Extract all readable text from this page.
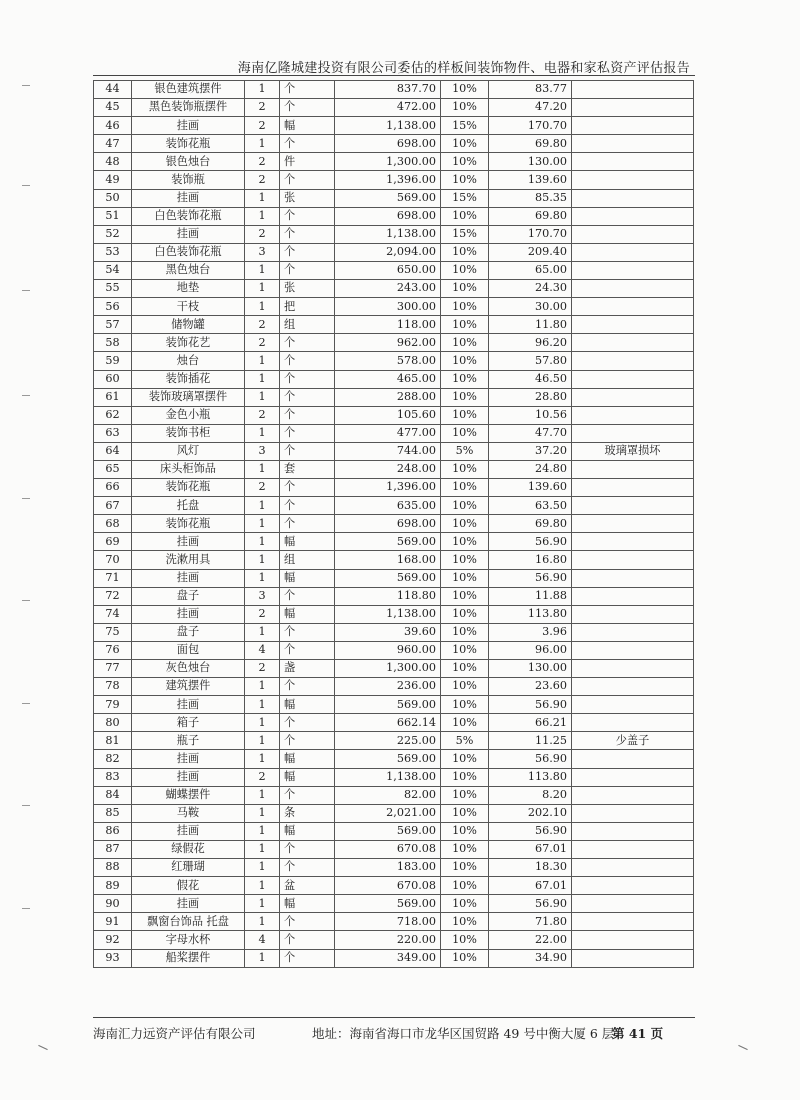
海南亿隆城建投资有限公司委估的样板间装饰物件、电器和家私资产评估报告
44	银色建筑摆件	1	个	837.70	10%	83.77	
45	黑色装饰瓶摆件	2	个	472.00	10%	47.20	
46	挂画	2	幅	1,138.00	15%	170.70	
47	装饰花瓶	1	个	698.00	10%	69.80	
48	银色烛台	2	件	1,300.00	10%	130.00	
49	装饰瓶	2	个	1,396.00	10%	139.60	
50	挂画	1	张	569.00	15%	85.35	
51	白色装饰花瓶	1	个	698.00	10%	69.80	
52	挂画	2	个	1,138.00	15%	170.70	
53	白色装饰花瓶	3	个	2,094.00	10%	209.40	
54	黑色烛台	1	个	650.00	10%	65.00	
55	地垫	1	张	243.00	10%	24.30	
56	干枝	1	把	300.00	10%	30.00	
57	储物罐	2	组	118.00	10%	11.80	
58	装饰花艺	2	个	962.00	10%	96.20	
59	烛台	1	个	578.00	10%	57.80	
60	装饰插花	1	个	465.00	10%	46.50	
61	装饰玻璃罩摆件	1	个	288.00	10%	28.80	
62	金色小瓶	2	个	105.60	10%	10.56	
63	装饰书柜	1	个	477.00	10%	47.70	
64	风灯	3	个	744.00	5%	37.20	玻璃罩损坏
65	床头柜饰品	1	套	248.00	10%	24.80	
66	装饰花瓶	2	个	1,396.00	10%	139.60	
67	托盘	1	个	635.00	10%	63.50	
68	装饰花瓶	1	个	698.00	10%	69.80	
69	挂画	1	幅	569.00	10%	56.90	
70	洗漱用具	1	组	168.00	10%	16.80	
71	挂画	1	幅	569.00	10%	56.90	
72	盘子	3	个	118.80	10%	11.88	
74	挂画	2	幅	1,138.00	10%	113.80	
75	盘子	1	个	39.60	10%	3.96	
76	面包	4	个	960.00	10%	96.00	
77	灰色烛台	2	盏	1,300.00	10%	130.00	
78	建筑摆件	1	个	236.00	10%	23.60	
79	挂画	1	幅	569.00	10%	56.90	
80	箱子	1	个	662.14	10%	66.21	
81	瓶子	1	个	225.00	5%	11.25	少盖子
82	挂画	1	幅	569.00	10%	56.90	
83	挂画	2	幅	1,138.00	10%	113.80	
84	蝴蝶摆件	1	个	82.00	10%	8.20	
85	马鞍	1	条	2,021.00	10%	202.10	
86	挂画	1	幅	569.00	10%	56.90	
87	绿假花	1	个	670.08	10%	67.01	
88	红珊瑚	1	个	183.00	10%	18.30	
89	假花	1	盆	670.08	10%	67.01	
90	挂画	1	幅	569.00	10%	56.90	
91	飘窗台饰品 托盘	1	个	718.00	10%	71.80	
92	字母水杯	4	个	220.00	10%	22.00	
93	船桨摆件	1	个	349.00	10%	34.90	
海南汇力远资产评估有限公司	地址：海南省海口市龙华区国贸路 49 号中衡大厦 6 层
第 41 页
